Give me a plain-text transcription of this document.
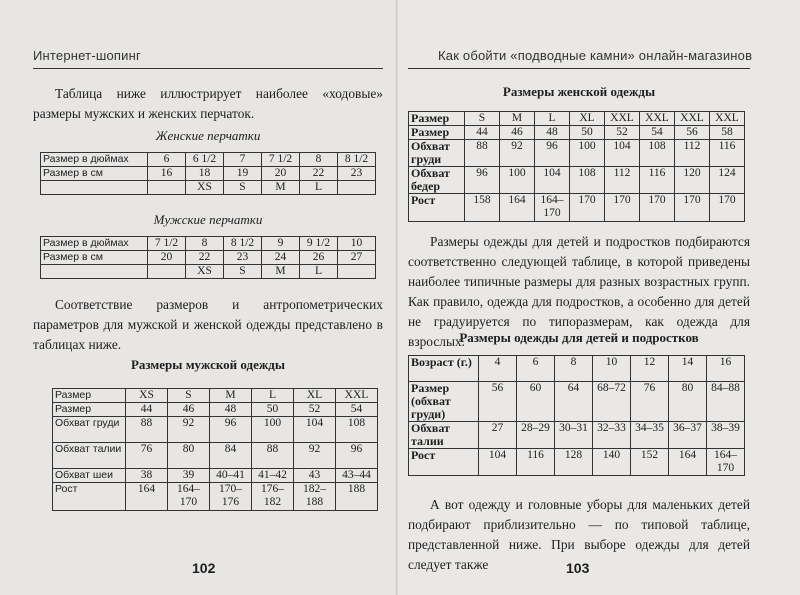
Интернет-шопинг

Таблица ниже иллюстрирует наиболее «ходовые» размеры мужских и женских перчаток.

Женские перчатки

Размер в дюймах	6	6 1/2	7	7 1/2	8	8 1/2
Размер в см	16	18	19	20	22	23
		XS	S	M	L	

Мужские перчатки

Размер в дюймах	7 1/2	8	8 1/2	9	9 1/2	10
Размер в см	20	22	23	24	26	27
		XS	S	M	L	

Соответствие размеров и антропометрических параметров для мужской и женской одежды представлено в таблицах ниже.

Размеры мужской одежды

Размер	XS	S	M	L	XL	XXL
Размер	44	46	48	50	52	54
Обхват груди	88	92	96	100	104	108
Обхват талии	76	80	84	88	92	96
Обхват шеи	38	39	40–41	41–42	43	43–44
Рост	164	164–170	170–176	176–182	182–188	188
102
Как обойти «подводные камни» онлайн-магазинов

Размеры женской одежды

Размер	S	M	L	XL	XXL	XXL	XXL	XXL
Размер	44	46	48	50	52	54	56	58
Обхват груди	88	92	96	100	104	108	112	116
Обхват бедер	96	100	104	108	112	116	120	124
Рост	158	164	164–170	170	170	170	170	170

Размеры одежды для детей и подростков подбираются соответственно следующей таблице, в которой приведены наиболее типичные размеры для разных возрастных групп. Как правило, одежда для подростков, а особенно для детей не градуируется по типоразмерам, как одежда для взрослых.

Размеры одежды для детей и подростков

Возраст (г.)	4	6	8	10	12	14	16
Размер (обхват груди)	56	60	64	68–72	76	80	84–88
Обхват талии	27	28–29	30–31	32–33	34–35	36–37	38–39
Рост	104	116	128	140	152	164	164–170

А вот одежду и головные уборы для маленьких детей подбирают приблизительно — по типовой таблице, представленной ниже. При выборе одежды для детей следует также	103
